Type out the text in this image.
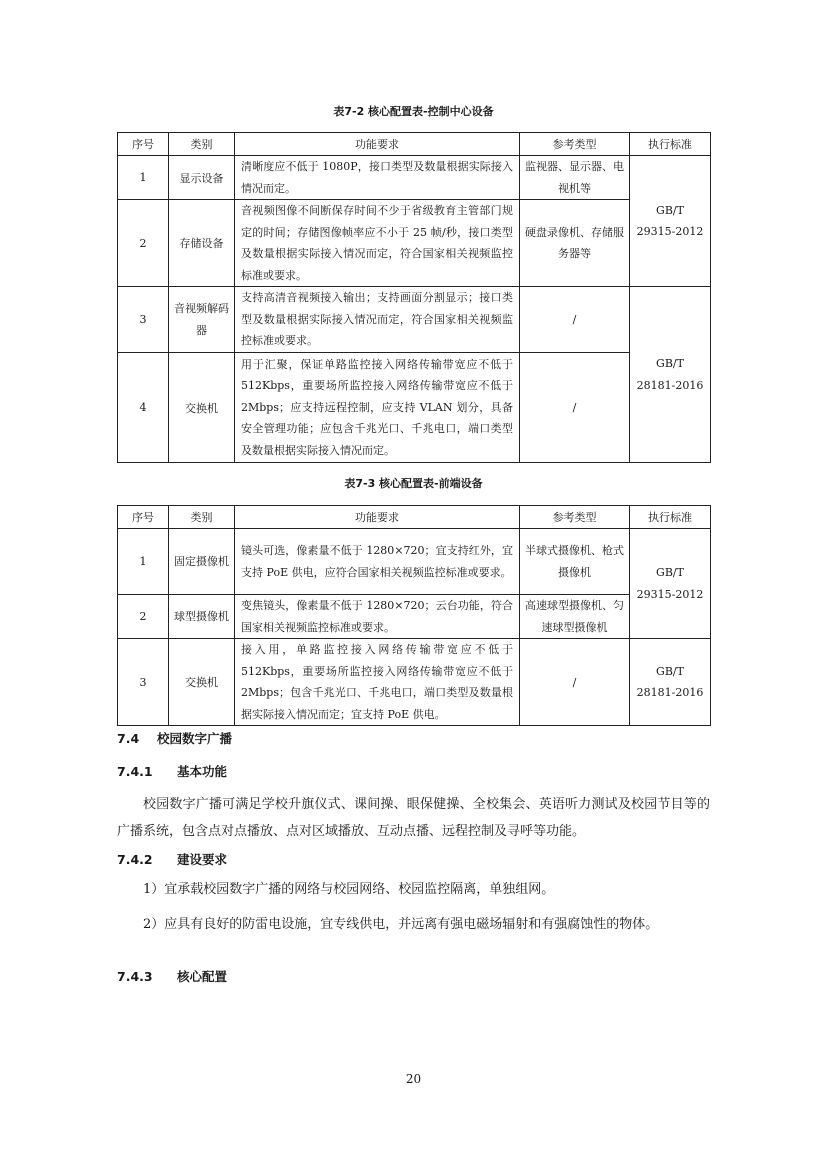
表7-2 核心配置表-控制中心设备
序号	类别	功能要求	参考类型	执行标准
1	显示设备	清晰度应不低于 1080P，接口类型及数量根据实际接入情况而定。	监视器、显示器、电视机等	GB/T 29315-2012
2	存储设备	音视频图像不间断保存时间不少于省级教育主管部门规定的时间；存储图像帧率应不小于 25 帧/秒，接口类型及数量根据实际接入情况而定，符合国家相关视频监控标准或要求。	硬盘录像机、存储服务器等	
3	音视频解码器	支持高清音视频接入输出；支持画面分割显示；接口类型及数量根据实际接入情况而定，符合国家相关视频监控标准或要求。	/	GB/T 28181-2016
4	交换机	用于汇聚，保证单路监控接入网络传输带宽应不低于 512Kbps，重要场所监控接入网络传输带宽应不低于 2Mbps；应支持远程控制，应支持 VLAN 划分，具备安全管理功能；应包含千兆光口、千兆电口，端口类型及数量根据实际接入情况而定。	/	
表7-3 核心配置表-前端设备
序号	类别	功能要求	参考类型	执行标准
1	固定摄像机	镜头可选，像素量不低于 1280×720；宜支持红外，宜支持 PoE 供电，应符合国家相关视频监控标准或要求。	半球式摄像机、枪式摄像机	GB/T 29315-2012
2	球型摄像机	变焦镜头，像素量不低于 1280×720；云台功能，符合国家相关视频监控标准或要求。	高速球型摄像机、匀速球型摄像机	
3	交换机	接入用，单路监控接入网络传输带宽应不低于 512Kbps，重要场所监控接入网络传输带宽应不低于 2Mbps；包含千兆光口、千兆电口，端口类型及数量根据实际接入情况而定；宜支持 PoE 供电。	/	GB/T 28181-2016
7.4 校园数字广播
7.4.1 基本功能
校园数字广播可满足学校升旗仪式、课间操、眼保健操、全校集会、英语听力测试及校园节目等的广播系统，包含点对点播放、点对区域播放、互动点播、远程控制及寻呼等功能。
7.4.2 建设要求
1）宜承载校园数字广播的网络与校园网络、校园监控隔离，单独组网。
2）应具有良好的防雷电设施，宜专线供电，并远离有强电磁场辐射和有强腐蚀性的物体。
7.4.3 核心配置
20
